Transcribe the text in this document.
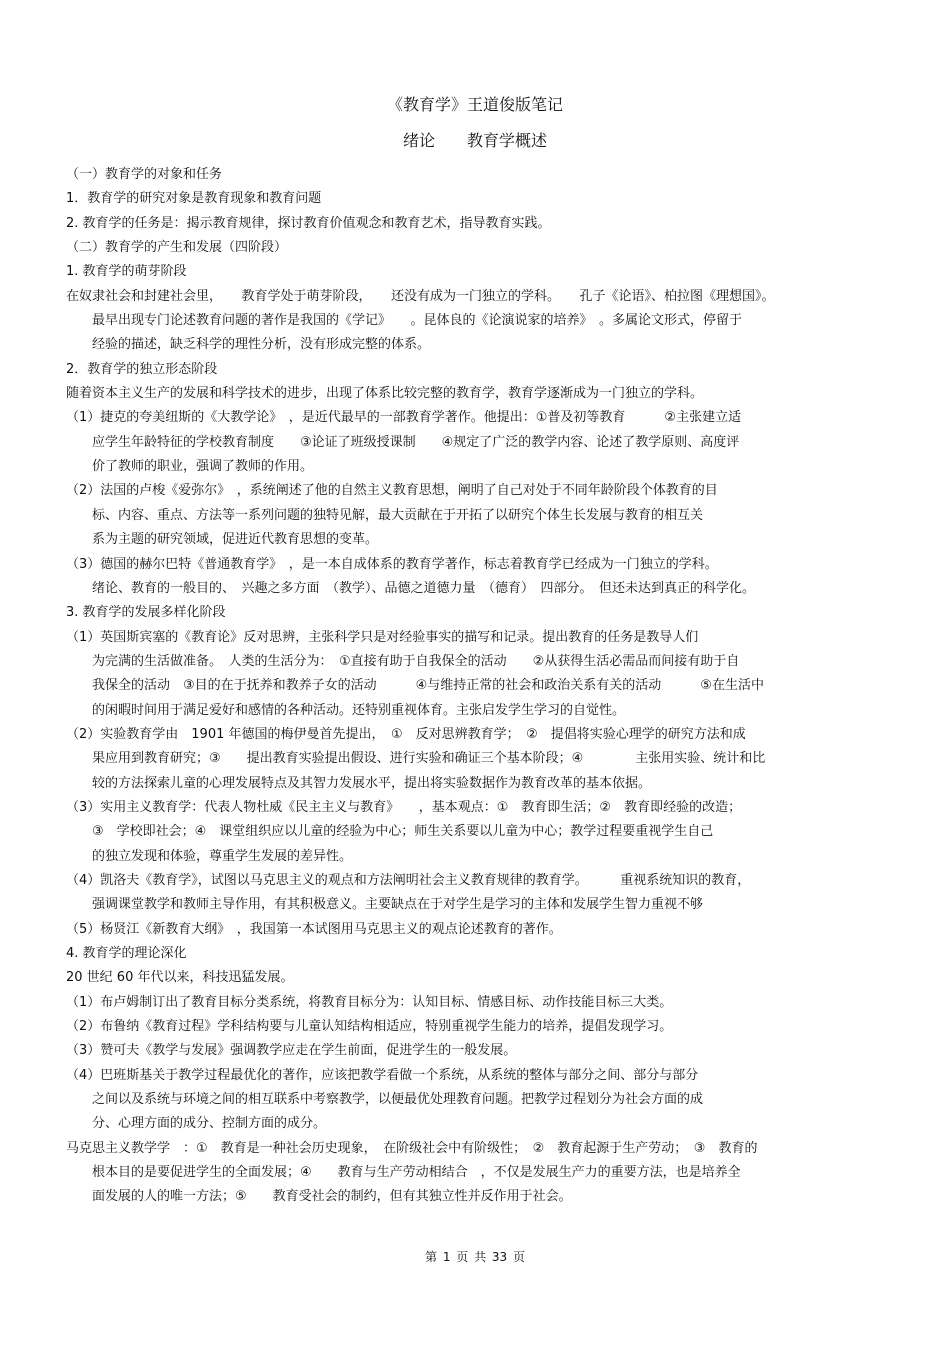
《教育学》王道俊版笔记
绪论　　教育学概述
（一）教育学的对象和任务
1．教育学的研究对象是教育现象和教育问题
2. 教育学的任务是：揭示教育规律，探讨教育价值观念和教育艺术，指导教育实践。
（二）教育学的产生和发展（四阶段）
1. 教育学的萌芽阶段
在奴隶社会和封建社会里，　　教育学处于萌芽阶段，　　还没有成为一门独立的学科。　　孔子《论语》、柏拉图《理想国》。
最早出现专门论述教育问题的著作是我国的《学记》　　。昆体良的《论演说家的培养》　。多属论文形式，停留于
经验的描述，缺乏科学的理性分析，没有形成完整的体系。
2．教育学的独立形态阶段
随着资本主义生产的发展和科学技术的进步，出现了体系比较完整的教育学，教育学逐渐成为一门独立的学科。
（1）捷克的夸美纽斯的《大教学论》　，是近代最早的一部教育学著作。他提出：①普及初等教育　　　②主张建立适
应学生年龄特征的学校教育制度　　③论证了班级授课制　　④规定了广泛的教学内容、论述了教学原则、高度评
价了教师的职业，强调了教师的作用。
（2）法国的卢梭《爱弥尔》　，系统阐述了他的自然主义教育思想，阐明了自己对处于不同年龄阶段个体教育的目
标、内容、重点、方法等一系列问题的独特见解，最大贡献在于开拓了以研究个体生长发展与教育的相互关
系为主题的研究领域，促进近代教育思想的变革。
（3）德国的赫尔巴特《普通教育学》　，是一本自成体系的教育学著作，标志着教育学已经成为一门独立的学科。
绪论、教育的一般目的、　兴趣之多方面　（教学）、品德之道德力量　（德育）　四部分。　但还未达到真正的科学化。
3. 教育学的发展多样化阶段
（1）英国斯宾塞的《教育论》反对思辨，主张科学只是对经验事实的描写和记录。提出教育的任务是教导人们
为完满的生活做准备。　人类的生活分为：　①直接有助于自我保全的活动　　②从获得生活必需品而间接有助于自
我保全的活动　③目的在于抚养和教养子女的活动　　　④与维持正常的社会和政治关系有关的活动　　　⑤在生活中
的闲暇时间用于满足爱好和感情的各种活动。还特别重视体育。主张启发学生学习的自觉性。
（2）实验教育学由　1901 年德国的梅伊曼首先提出，　①　反对思辨教育学；　②　提倡将实验心理学的研究方法和成
果应用到教育研究；③　　提出教育实验提出假设、进行实验和确证三个基本阶段；④　　　　主张用实验、统计和比
较的方法探索儿童的心理发展特点及其智力发展水平，提出将实验数据作为教育改革的基本依据。
（3）实用主义教育学：代表人物杜威《民主主义与教育》　　，基本观点：①　教育即生活；②　教育即经验的改造；
③　学校即社会；④　课堂组织应以儿童的经验为中心；师生关系要以儿童为中心；教学过程要重视学生自己
的独立发现和体验，尊重学生发展的差异性。
（4）凯洛夫《教育学》，试图以马克思主义的观点和方法阐明社会主义教育规律的教育学。　　　重视系统知识的教育，
强调课堂教学和教师主导作用，有其积极意义。主要缺点在于对学生是学习的主体和发展学生智力重视不够
（5）杨贤江《新教育大纲》　，我国第一本试图用马克思主义的观点论述教育的著作。
4. 教育学的理论深化
20 世纪 60 年代以来，科技迅猛发展。
（1）布卢姆制订出了教育目标分类系统，将教育目标分为：认知目标、情感目标、动作技能目标三大类。
（2）布鲁纳《教育过程》学科结构要与儿童认知结构相适应，特别重视学生能力的培养，提倡发现学习。
（3）赞可夫《教学与发展》强调教学应走在学生前面，促进学生的一般发展。
（4）巴班斯基关于教学过程最优化的著作，应该把教学看做一个系统，从系统的整体与部分之间、部分与部分
之间以及系统与环境之间的相互联系中考察教学，以便最优处理教育问题。把教学过程划分为社会方面的成
分、心理方面的成分、控制方面的成分。
马克思主义教学学　：①　教育是一种社会历史现象，　在阶级社会中有阶级性；　②　教育起源于生产劳动；　③　教育的
根本目的是要促进学生的全面发展；④　　教育与生产劳动相结合　，不仅是发展生产力的重要方法，也是培养全
面发展的人的唯一方法；⑤　　教育受社会的制约，但有其独立性并反作用于社会。
第 1 页 共 33 页
